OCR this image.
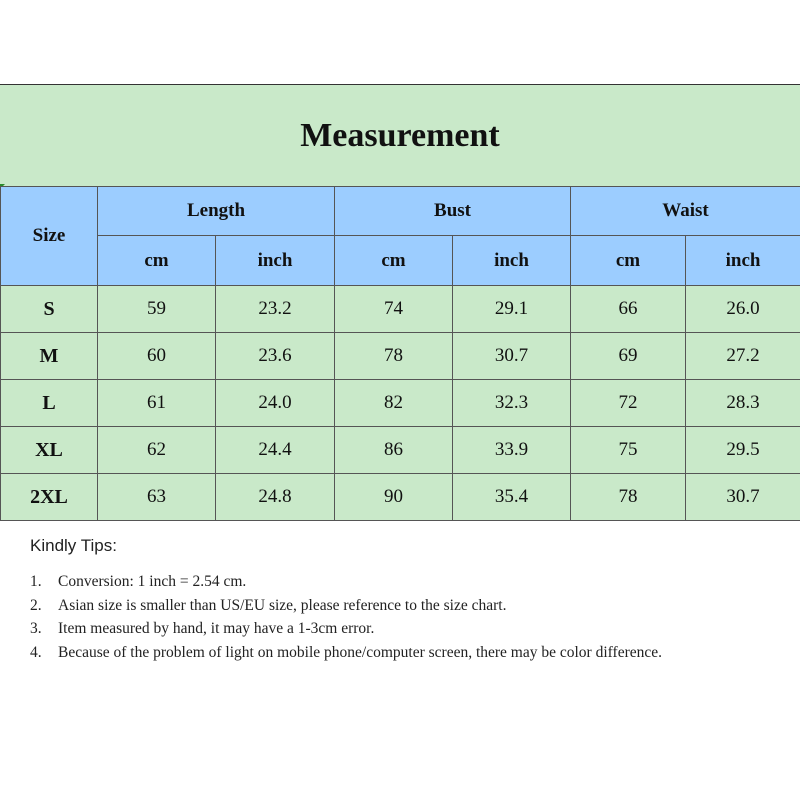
Measurement
Size	Length		Bust		Waist	
	cm	inch	cm	inch	cm	inch
S	59	23.2	74	29.1	66	26.0
M	60	23.6	78	30.7	69	27.2
L	61	24.0	82	32.3	72	28.3
XL	62	24.4	86	33.9	75	29.5
2XL	63	24.8	90	35.4	78	30.7

Kindly Tips:

1.	Conversion: 1 inch = 2.54 cm.
2.	Asian size is smaller than US/EU size, please reference to the size chart.
3.	Item measured by hand, it may have a 1-3cm error.
4.	Because of the problem of light on mobile phone/computer screen, there may be color difference.
